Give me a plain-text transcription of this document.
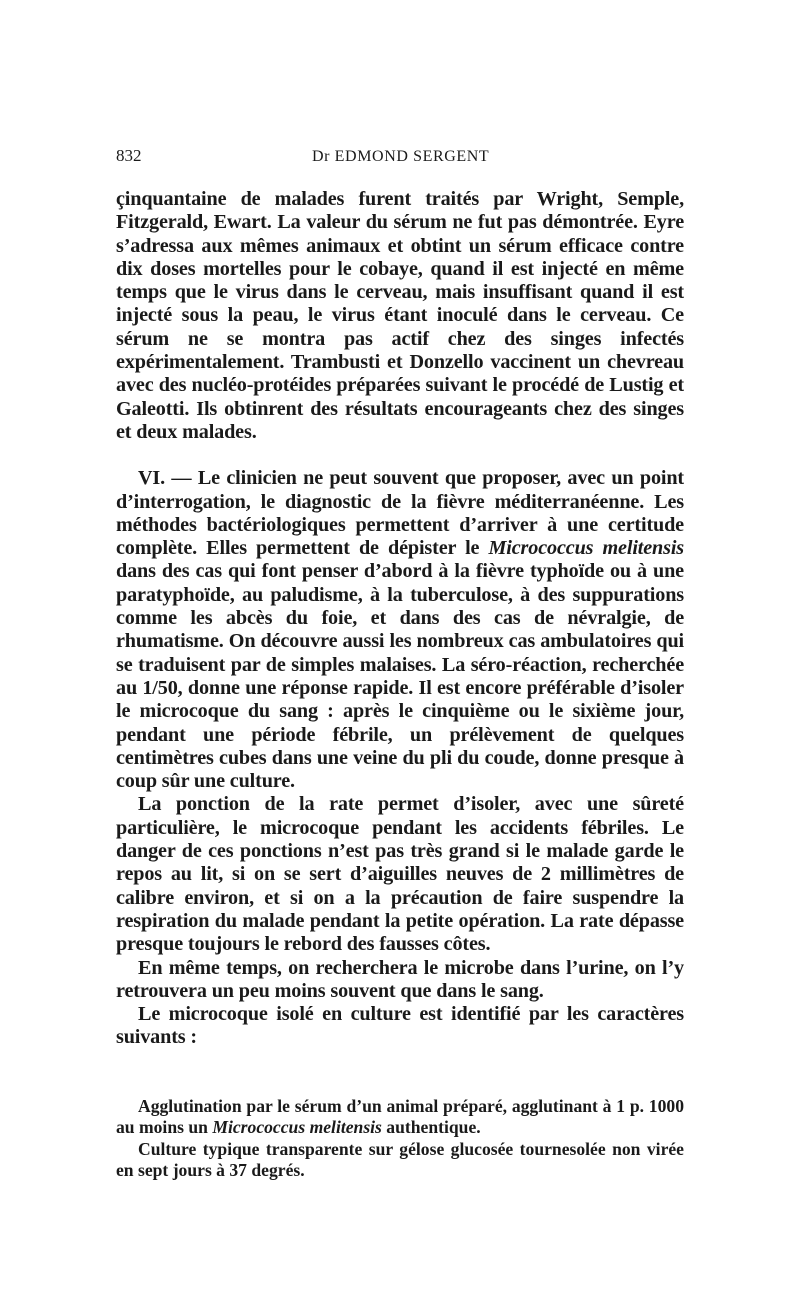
832	Dr EDMOND SERGENT

çinquantaine de malades furent traités par Wright, Semple, Fitzgerald, Ewart. La valeur du sérum ne fut pas démontrée. Eyre s’adressa aux mêmes animaux et obtint un sérum efficace contre dix doses mortelles pour le cobaye, quand il est injecté en même temps que le virus dans le cerveau, mais insuffisant quand il est injecté sous la peau, le virus étant inoculé dans le cerveau. Ce sérum ne se montra pas actif chez des singes infectés expérimentalement. Trambusti et Donzello vaccinent un chevreau avec des nucléo-protéides préparées suivant le procédé de Lustig et Galeotti. Ils obtinrent des résultats encourageants chez des singes et deux malades.

VI. — Le clinicien ne peut souvent que proposer, avec un point d’interrogation, le diagnostic de la fièvre méditerranéenne. Les méthodes bactériologiques permettent d’arriver à une certitude complète. Elles permettent de dépister le Micrococcus melitensis dans des cas qui font penser d’abord à la fièvre typhoïde ou à une paratyphoïde, au paludisme, à la tuberculose, à des suppurations comme les abcès du foie, et dans des cas de névralgie, de rhumatisme. On découvre aussi les nombreux cas ambulatoires qui se traduisent par de simples malaises. La séro-réaction, recherchée au 1/50, donne une réponse rapide. Il est encore préférable d’isoler le microcoque du sang : après le cinquième ou le sixième jour, pendant une période fébrile, un prélèvement de quelques centimètres cubes dans une veine du pli du coude, donne presque à coup sûr une culture.

La ponction de la rate permet d’isoler, avec une sûreté particulière, le microcoque pendant les accidents fébriles. Le danger de ces ponctions n’est pas très grand si le malade garde le repos au lit, si on se sert d’aiguilles neuves de 2 millimètres de calibre environ, et si on a la précaution de faire suspendre la respiration du malade pendant la petite opération. La rate dépasse presque toujours le rebord des fausses côtes.

En même temps, on recherchera le microbe dans l’urine, on l’y retrouvera un peu moins souvent que dans le sang.

Le microcoque isolé en culture est identifié par les caractères suivants :

Agglutination par le sérum d’un animal préparé, agglutinant à 1 p. 1000 au moins un Micrococcus melitensis authentique.

Culture typique transparente sur gélose glucosée tournesolée non virée en sept jours à 37 degrés.
